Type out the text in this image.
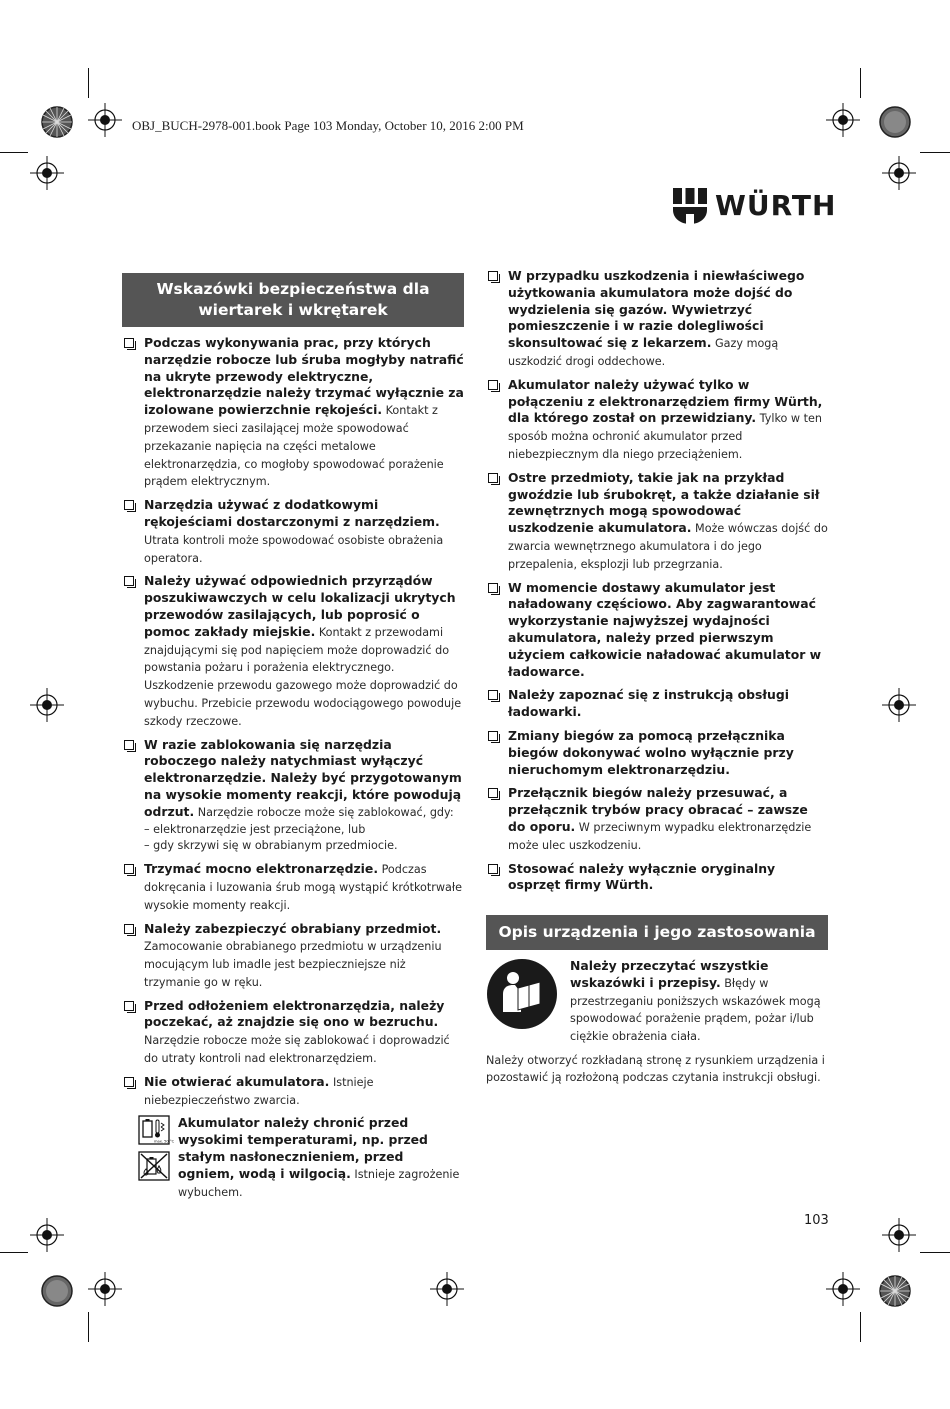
OBJ_BUCH-2978-001.book Page 103 Monday, October 10, 2016 2:00 PM
WÜRTH
Wskazówki bezpieczeństwa dla wiertarek i wkrętarek
Podczas wykonywania prac, przy których narzędzie robocze lub śruba mogłyby natrafić na ukryte przewody elektryczne, elektronarzędzie należy trzymać wyłącznie za izolowane powierzchnie rękojeści. Kontakt z przewodem sieci zasilającej może spowodować przekazanie napięcia na części metalowe elektronarzędzia, co mogłoby spowodować porażenie prądem elektrycznym.
Narzędzia używać z dodatkowymi rękojeściami dostarczonymi z narzędziem. Utrata kontroli może spowodować osobiste obrażenia operatora.
Należy używać odpowiednich przyrządów poszukiwawczych w celu lokalizacji ukrytych przewodów zasilających, lub poprosić o pomoc zakłady miejskie. Kontakt z przewodami znajdującymi się pod napięciem może doprowadzić do powstania pożaru i porażenia elektrycznego. Uszkodzenie przewodu gazowego może doprowadzić do wybuchu. Przebicie przewodu wodociągowego powoduje szkody rzeczowe.
W razie zablokowania się narzędzia roboczego należy natychmiast wyłączyć elektronarzędzie. Należy być przygotowanym na wysokie momenty reakcji, które powodują odrzut. Narzędzie robocze może się zablokować, gdy:
– elektronarzędzie jest przeciążone, lub
– gdy skrzywi się w obrabianym przedmiocie.
Trzymać mocno elektronarzędzie. Podczas dokręcania i luzowania śrub mogą wystąpić krótkotrwałe wysokie momenty reakcji.
Należy zabezpieczyć obrabiany przedmiot. Zamocowanie obrabianego przedmiotu w urządzeniu mocującym lub imadle jest bezpieczniejsze niż trzymanie go w ręku.
Przed odłożeniem elektronarzędzia, należy poczekać, aż znajdzie się ono w bezruchu. Narzędzie robocze może się zablokować i doprowadzić do utraty kontroli nad elektronarzędziem.
Nie otwierać akumulatora. Istnieje niebezpieczeństwo zwarcia.
max. 50 °C
Akumulator należy chronić przed wysokimi temperaturami, np. przed stałym nasłonecznieniem, przed ogniem, wodą i wilgocią. Istnieje zagrożenie wybuchem.
W przypadku uszkodzenia i niewłaściwego użytkowania akumulatora może dojść do wydzielenia się gazów. Wywietrzyć pomieszczenie i w razie dolegliwości skonsultować się z lekarzem. Gazy mogą uszkodzić drogi oddechowe.
Akumulator należy używać tylko w połączeniu z elektronarzędziem firmy Würth, dla którego został on przewidziany. Tylko w ten sposób można ochronić akumulator przed niebezpiecznym dla niego przeciążeniem.
Ostre przedmioty, takie jak na przykład gwoździe lub śrubokręt, a także działanie sił zewnętrznych mogą spowodować uszkodzenie akumulatora. Może wówczas dojść do zwarcia wewnętrznego akumulatora i do jego przepalenia, eksplozji lub przegrzania.
W momencie dostawy akumulator jest naładowany częściowo. Aby zagwarantować wykorzystanie najwyższej wydajności akumulatora, należy przed pierwszym użyciem całkowicie naładować akumulator w ładowarce.
Należy zapoznać się z instrukcją obsługi ładowarki.
Zmiany biegów za pomocą przełącznika biegów dokonywać wolno wyłącznie przy nieruchomym elektronarzędziu.
Przełącznik biegów należy przesuwać, a przełącznik trybów pracy obracać – zawsze do oporu. W przeciwnym wypadku elektronarzędzie może ulec uszkodzeniu.
Stosować należy wyłącznie oryginalny osprzęt firmy Würth.
Opis urządzenia i jego zastosowania
Należy przeczytać wszystkie wskazówki i przepisy. Błędy w przestrzeganiu poniższych wskazówek mogą spowodować porażenie prądem, pożar i/lub ciężkie obrażenia ciała.
Należy otworzyć rozkładaną stronę z rysunkiem urządzenia i pozostawić ją rozłożoną podczas czytania instrukcji obsługi.
103
